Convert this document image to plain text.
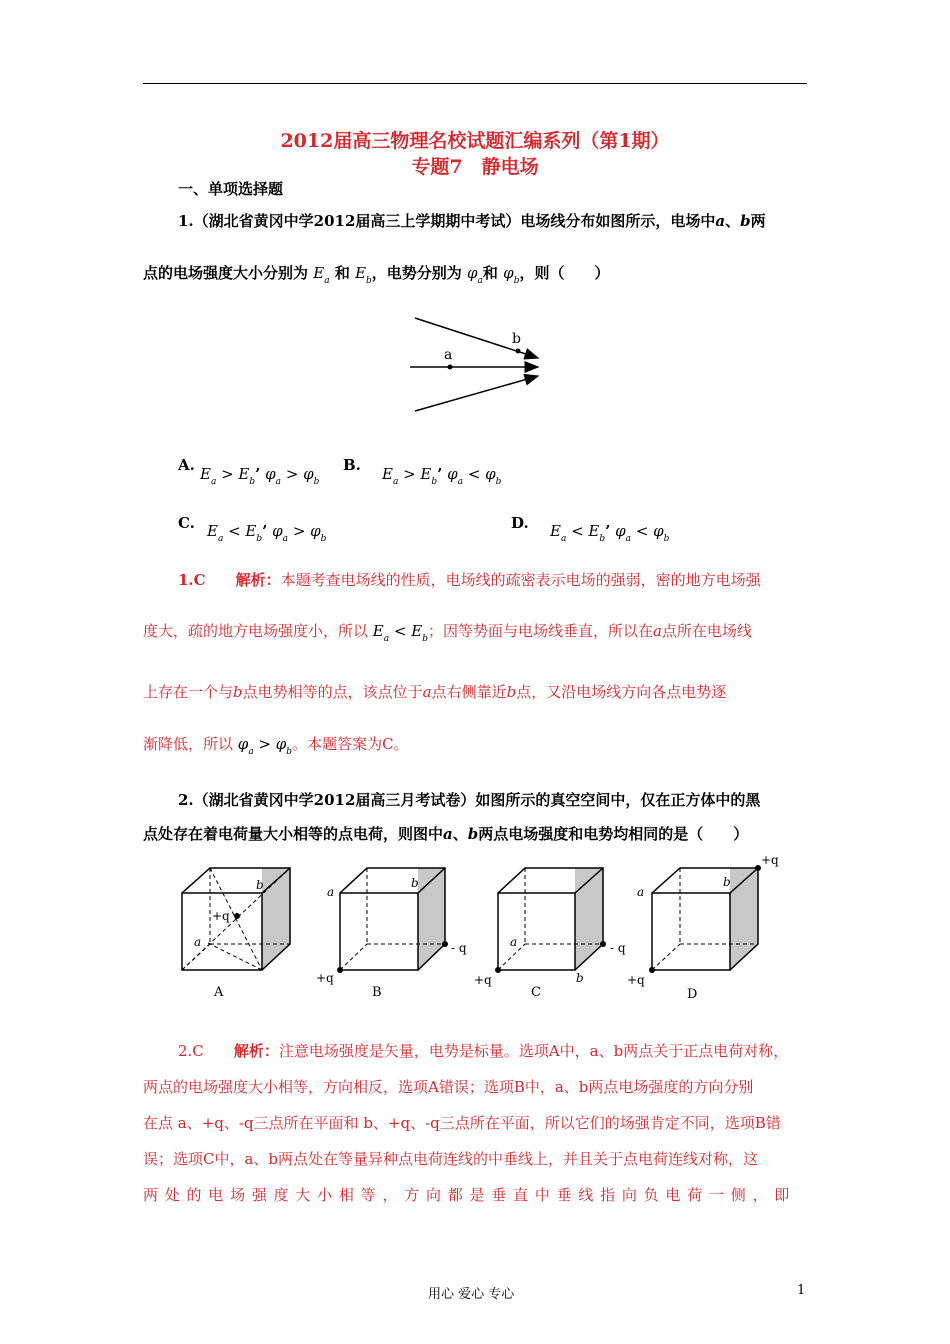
2012届高三物理名校试题汇编系列（第1期）
专题7　静电场
一、单项选择题
1.（湖北省黄冈中学2012届高三上学期期中考试）电场线分布如图所示，电场中a、b两
点的电场强度大小分别为 $E_a$ 和 $E_b$，电势分别为 $\varphi_a$和 $\varphi_b$，则（　　）
a
b
A. $E_a > E_b$’ $\varphi_a > \varphi_b$
B. $E_a > E_b$’ $\varphi_a < \varphi_b$
C. $E_a < E_b$’ $\varphi_a > \varphi_b$
D. $E_a < E_b$’ $\varphi_a < \varphi_b$
1.C　　 解析：本题考查电场线的性质，电场线的疏密表示电场的强弱，密的地方电场强
度大，疏的地方电场强度小，所以 $E_a < E_b$；因等势面与电场线垂直，所以在a点所在电场线
上存在一个与b点电势相等的点，该点位于a点右侧靠近b点，又沿电场线方向各点电势逐
渐降低，所以 $\varphi_a > \varphi_b$。本题答案为C。
2.（湖北省黄冈中学2012届高三月考试卷）如图所示的真空空间中，仅在正方体中的黑
点处存在着电荷量大小相等的点电荷，则图中a、b两点电场强度和电势均相同的是（　　）
+q
b
a
A
+q
- q
a
b
B
+q
- q
a
b
C
+q
+q
a
b
D
2.C　　 解析：注意电场强度是矢量，电势是标量。选项A中，a、b两点关于正点电荷对称，
两点的电场强度大小相等，方向相反，选项A错误；选项B中，a、b两点电场强度的方向分别
在点 a、+q、-q三点所在平面和 b、+q、-q三点所在平面，所以它们的场强肯定不同，选项B错
误；选项C中，a、b两点处在等量异种点电荷连线的中垂线上，并且关于点电荷连线对称，这
两 处 的 电 场 强 度 大 小 相 等 ， 方 向 都 是 垂 直 中 垂 线 指 向 负 电 荷 一 侧 ， 即
用心 爱心 专心	1
